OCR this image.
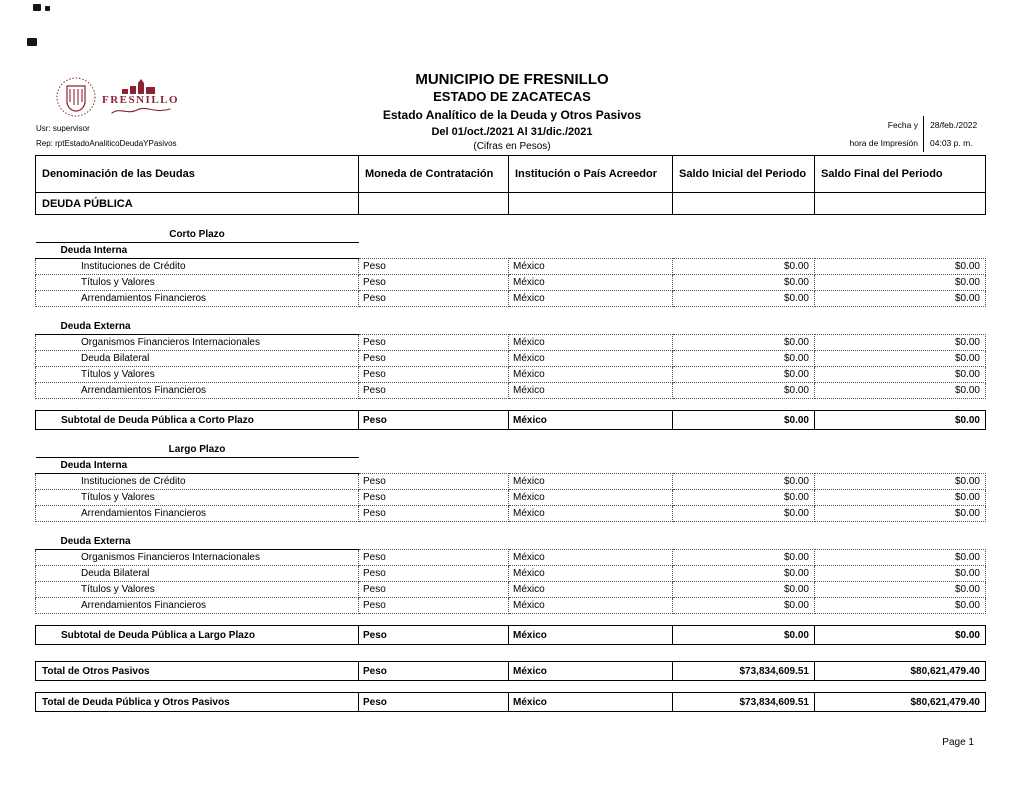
FRESNILLO
MUNICIPIO DE FRESNILLO
ESTADO DE ZACATECAS
Estado Analítico de la Deuda y Otros Pasivos
Del 01/oct./2021 Al 31/dic./2021
(Cifras en Pesos)
Usr: supervisor
Rep: rptEstadoAnaliticoDeudaYPasivos
Fecha y
hora de Impresión
28/feb./2022
04:03 p. m.
Denominación de las Deudas	Moneda de Contratación	Institución o País Acreedor	Saldo Inicial del Periodo	Saldo Final del Periodo
DEUDA PÚBLICA				

Corto Plazo				
Deuda Interna				
Instituciones de Crédito	Peso	México	$0.00	$0.00
Títulos y Valores	Peso	México	$0.00	$0.00
Arrendamientos Financieros	Peso	México	$0.00	$0.00

Deuda Externa				
Organismos Financieros Internacionales	Peso	México	$0.00	$0.00
Deuda Bilateral	Peso	México	$0.00	$0.00
Títulos y Valores	Peso	México	$0.00	$0.00
Arrendamientos Financieros	Peso	México	$0.00	$0.00

Subtotal de Deuda Pública a Corto Plazo	Peso	México	$0.00	$0.00

Largo Plazo				
Deuda Interna				
Instituciones de Crédito	Peso	México	$0.00	$0.00
Títulos y Valores	Peso	México	$0.00	$0.00
Arrendamientos Financieros	Peso	México	$0.00	$0.00

Deuda Externa				
Organismos Financieros Internacionales	Peso	México	$0.00	$0.00
Deuda Bilateral	Peso	México	$0.00	$0.00
Títulos y Valores	Peso	México	$0.00	$0.00
Arrendamientos Financieros	Peso	México	$0.00	$0.00

Subtotal de Deuda Pública a Largo Plazo	Peso	México	$0.00	$0.00

Total de Otros Pasivos	Peso	México	$73,834,609.51	$80,621,479.40

Total de Deuda Pública y Otros Pasivos	Peso	México	$73,834,609.51	$80,621,479.40
Page 1
